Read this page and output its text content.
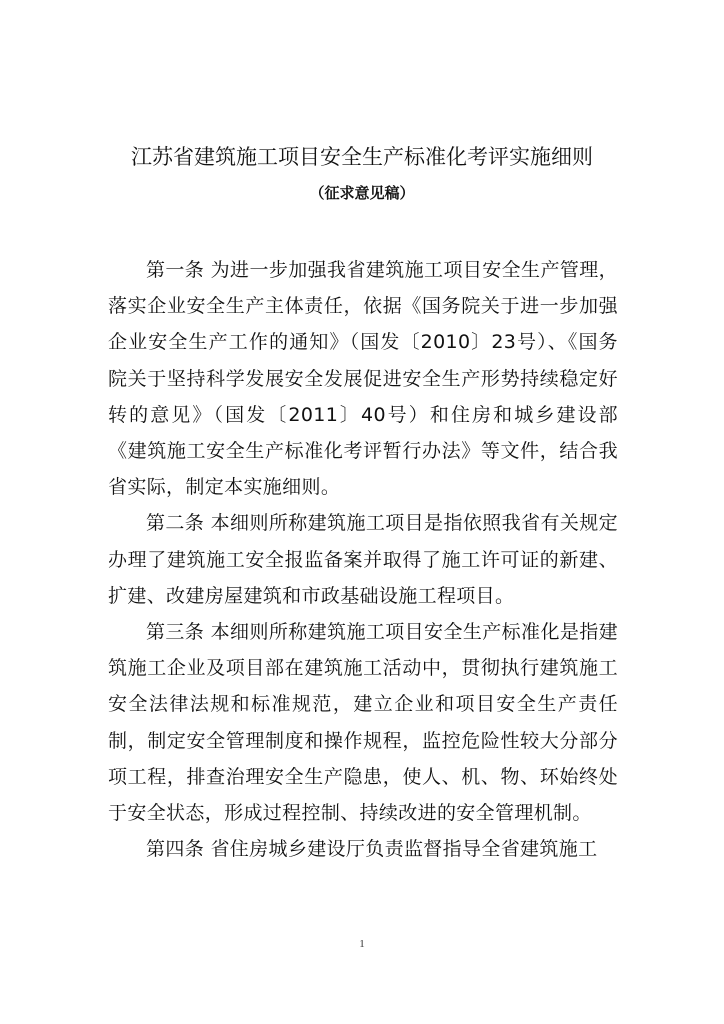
江苏省建筑施工项目安全生产标准化考评实施细则
（征求意见稿）

第一条 为进一步加强我省建筑施工项目安全生产管理，落实企业安全生产主体责任，依据《国务院关于进一步加强企业安全生产工作的通知》（国发〔2010〕23号）、《国务院关于坚持科学发展安全发展促进安全生产形势持续稳定好转的意见》（国发〔2011〕40号）和住房和城乡建设部《建筑施工安全生产标准化考评暂行办法》等文件，结合我省实际，制定本实施细则。

第二条 本细则所称建筑施工项目是指依照我省有关规定办理了建筑施工安全报监备案并取得了施工许可证的新建、扩建、改建房屋建筑和市政基础设施工程项目。

第三条 本细则所称建筑施工项目安全生产标准化是指建筑施工企业及项目部在建筑施工活动中，贯彻执行建筑施工安全法律法规和标准规范，建立企业和项目安全生产责任制，制定安全管理制度和操作规程，监控危险性较大分部分项工程，排查治理安全生产隐患，使人、机、物、环始终处于安全状态，形成过程控制、持续改进的安全管理机制。

第四条 省住房城乡建设厅负责监督指导全省建筑施工

1
